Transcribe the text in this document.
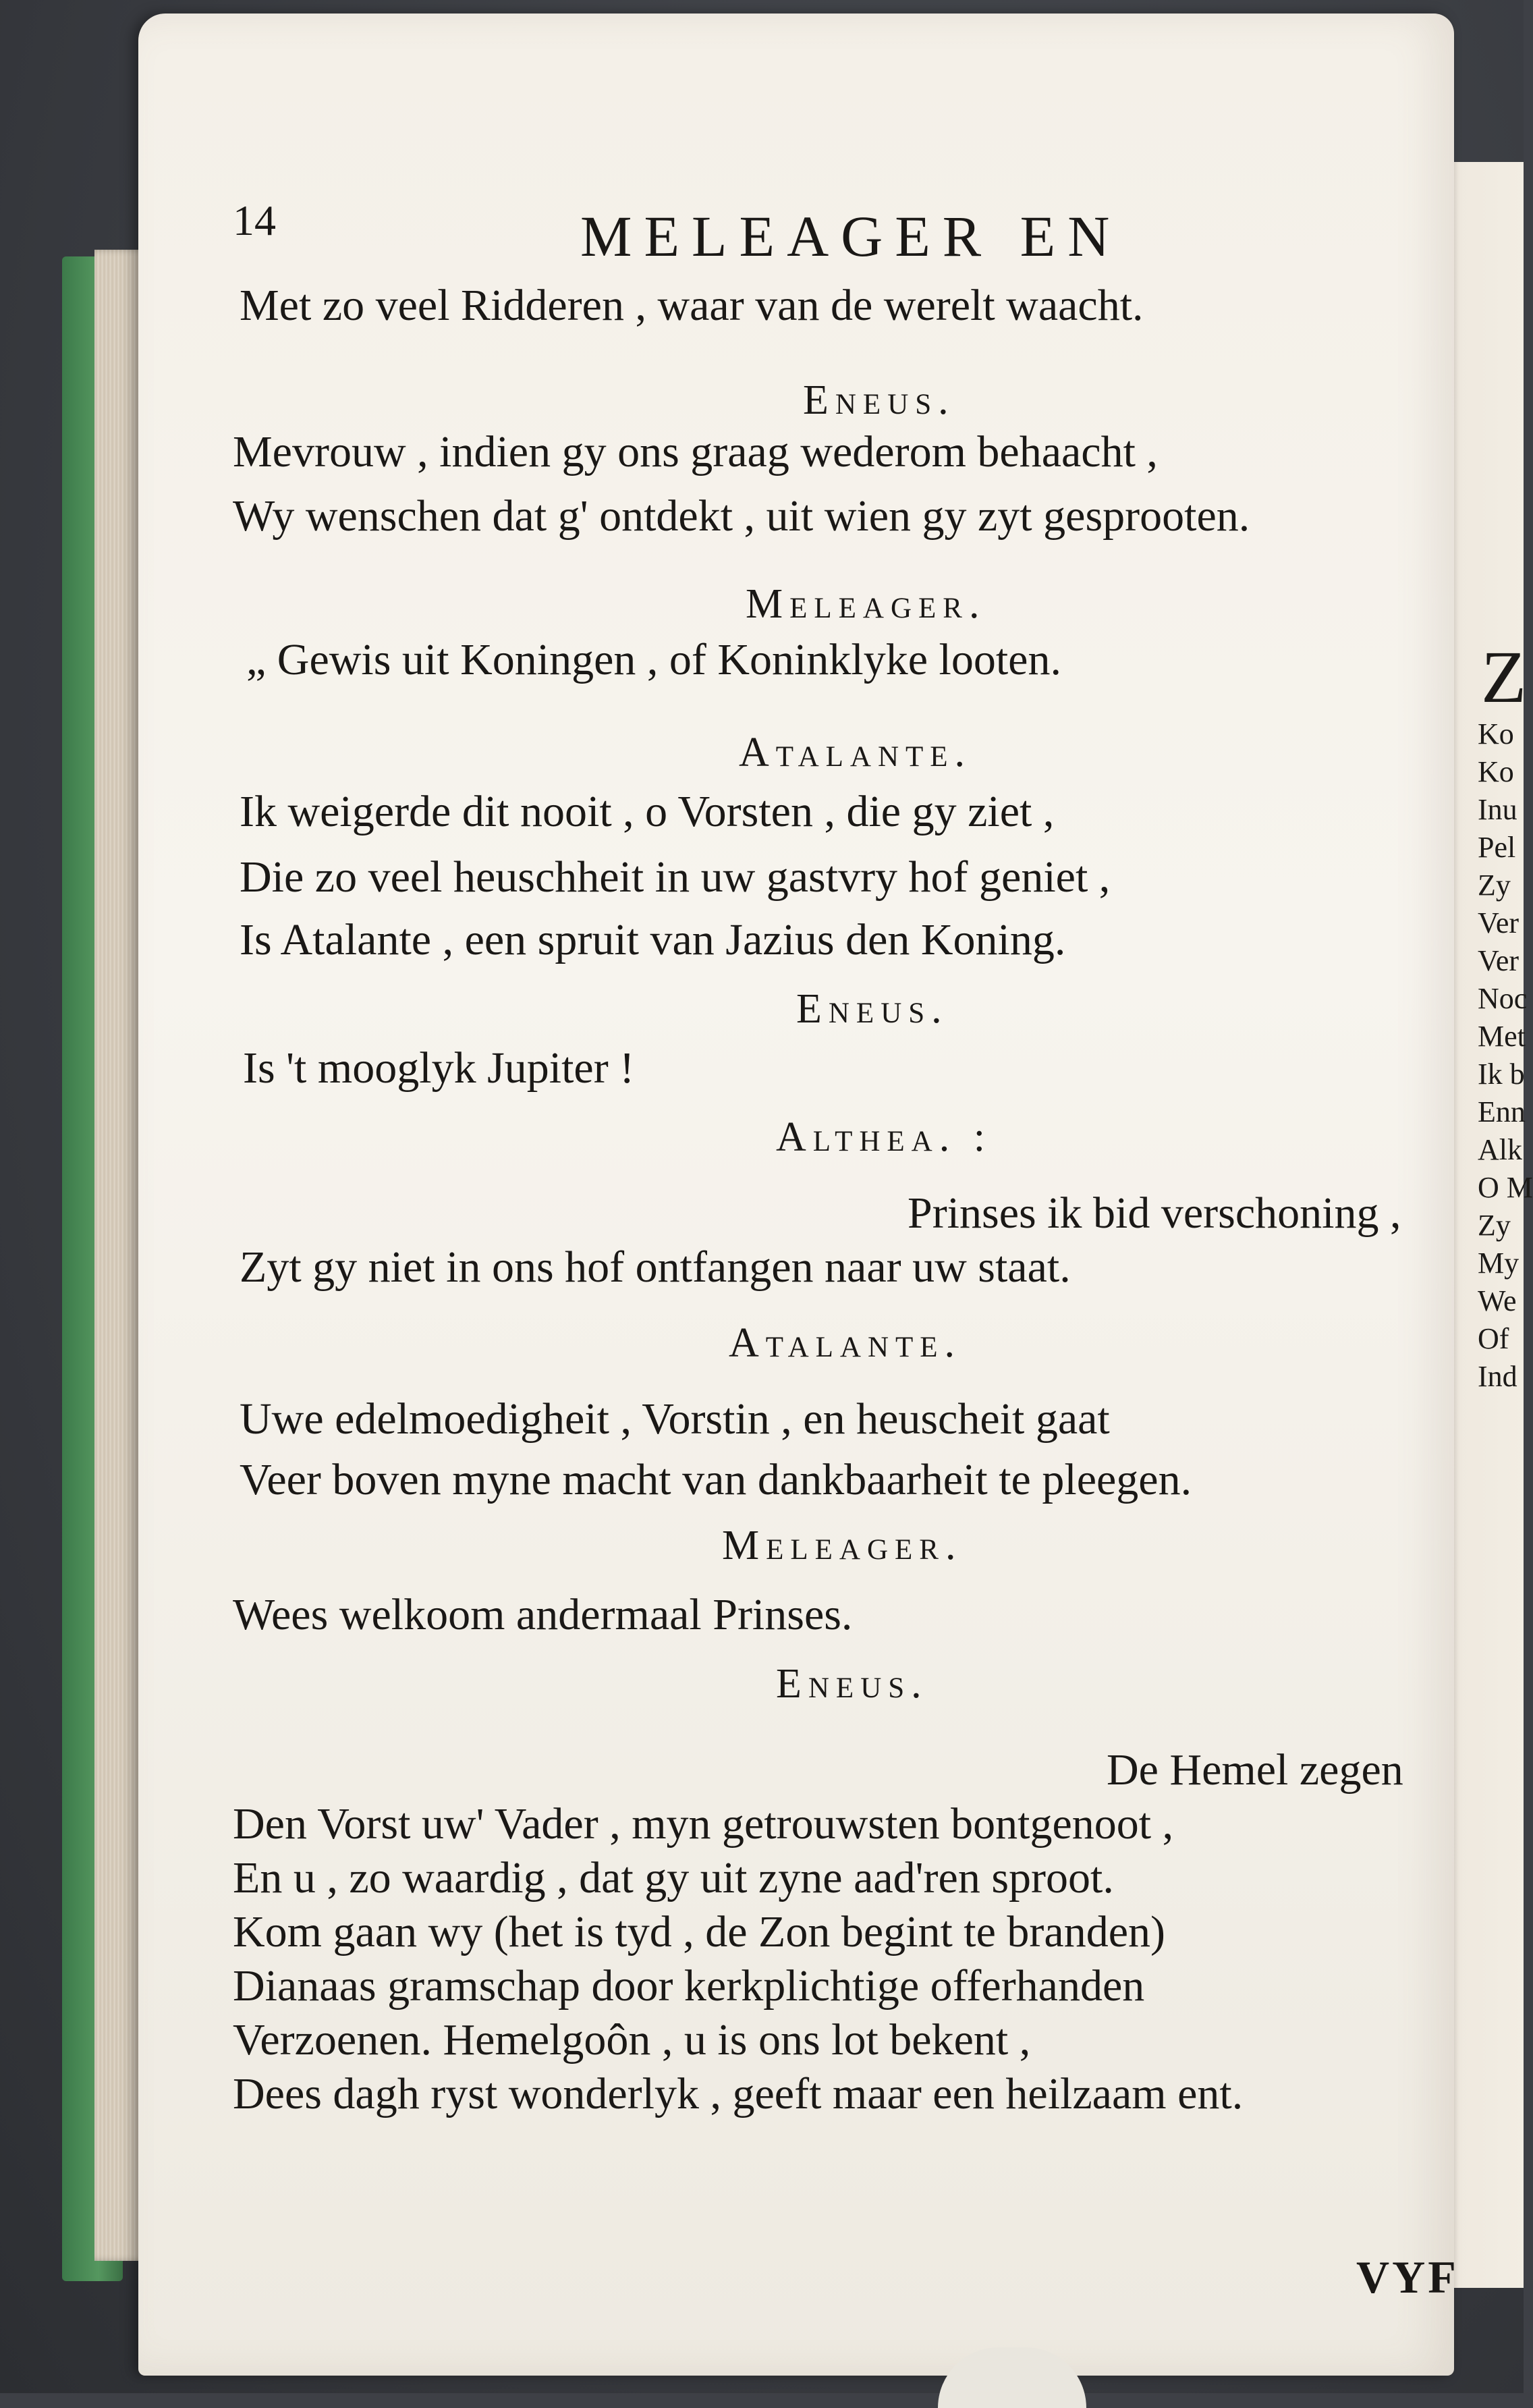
Z
Ko
Ko
Inu
Pel
Zy
Ver
Ver
Noc
Met
Ik b
Enn
Alk
O M
Zy
My
We
Of
Ind
14	MELEAGER EN
Met zo veel Ridderen , waar van de werelt waacht.
Eneus.
Mevrouw , indien gy ons graag wederom behaacht ,
Wy wenschen dat g' ontdekt , uit wien gy zyt gesprooten.
Meleager.
„ Gewis uit Koningen , of Koninklyke looten.
Atalante.
Ik weigerde dit nooit , o Vorsten , die gy ziet ,
Die zo veel heuschheit in uw gastvry hof geniet ,
Is Atalante , een spruit van Jazius den Koning.
Eneus.
Is 't mooglyk Jupiter !
Althea. :
Prinses ik bid verschoning ,
Zyt gy niet in ons hof ontfangen naar uw staat.
Atalante.
Uwe edelmoedigheit , Vorstin , en heuscheit gaat
Veer boven myne macht van dankbaarheit te pleegen.
Meleager.
Wees welkoom andermaal Prinses.
Eneus.
De Hemel zegen
Den Vorst uw' Vader , myn getrouwsten bontgenoot ,
En u , zo waardig , dat gy uit zyne aad'ren sproot.
Kom gaan wy (het is tyd , de Zon begint te branden)
Dianaas gramschap door kerkplichtige offerhanden
Verzoenen. Hemelgoôn , u is ons lot bekent ,
Dees dagh ryst wonderlyk , geeft maar een heilzaam ent.
VYF
